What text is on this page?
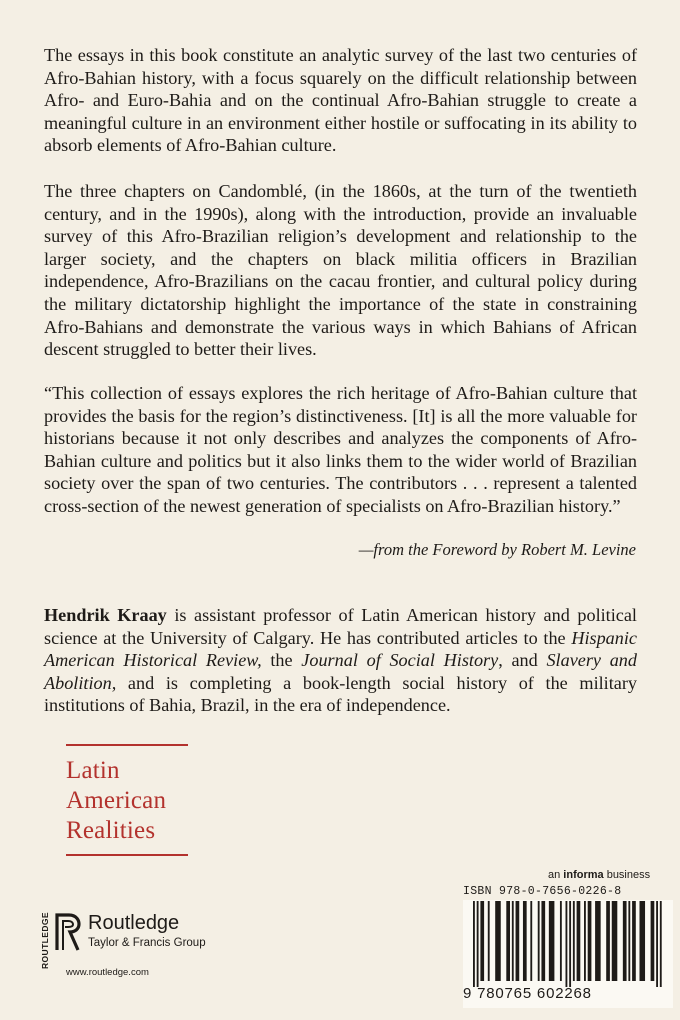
The essays in this book constitute an analytic survey of the last two centuries of Afro-Bahian history, with a focus squarely on the difficult relationship between Afro- and Euro-Bahia and on the continual Afro-Bahian struggle to create a meaningful culture in an environment either hostile or suffocating in its ability to absorb elements of Afro-Bahian culture.

The three chapters on Candomblé, (in the 1860s, at the turn of the twentieth century, and in the 1990s), along with the introduction, provide an invaluable survey of this Afro-Brazilian religion’s development and relationship to the larger society, and the chapters on black militia officers in Brazilian independence, Afro-Brazilians on the cacau frontier, and cultural policy during the military dictatorship highlight the importance of the state in constraining Afro-Bahians and demonstrate the various ways in which Bahians of African descent struggled to better their lives.

“This collection of essays explores the rich heritage of Afro-Bahian culture that provides the basis for the region’s distinctiveness. [It] is all the more valuable for historians because it not only describes and analyzes the components of Afro-Bahian culture and politics but it also links them to the wider world of Brazilian society over the span of two centuries. The contributors . . . represent a talented cross-section of the newest generation of specialists on Afro-Brazilian history.”

—from the Foreword by Robert M. Levine

Hendrik Kraay is assistant professor of Latin American history and political science at the University of Calgary. He has contributed articles to the Hispanic American Historical Review, the Journal of Social History, and Slavery and Abolition, and is completing a book-length social history of the military institutions of Bahia, Brazil, in the era of independence.

Latin
American
Realities
ROUTLEDGE Routledge
Taylor & Francis Group
www.routledge.com
an informa business
ISBN 978-0-7656-0226-8
9 780765 602268
